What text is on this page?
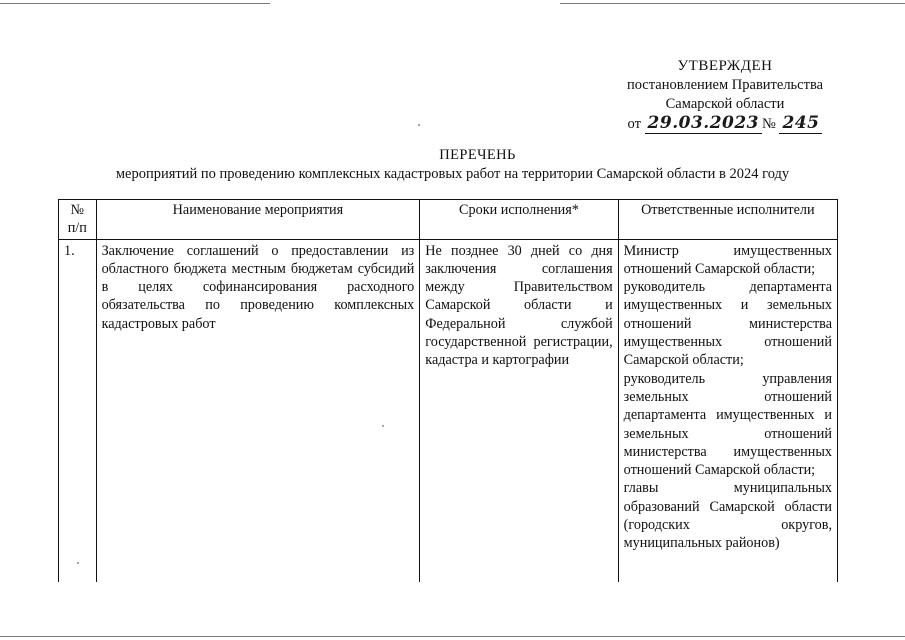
УТВЕРЖДЕН
постановлением Правительства
Самарской области
от 29.03.2023 № 245
ПЕРЕЧЕНЬ
мероприятий по проведению комплексных кадастровых работ на территории Самарской области в 2024 году
№ п/п	Наименование мероприятия	Сроки исполнения*	Ответственные исполнители
1.	Заключение соглашений о предоставлении из областного бюджета местным бюджетам субсидий в целях софинансирования расходного обязательства по проведению комплексных кадастровых работ	Не позднее 30 дней со дня заключения соглашения между Правительством Самарской области и Федеральной службой государственной регистрации, кадастра и картографии	Министр имущественных отношений Самарской области;
руководитель департамента имущественных и земельных отношений министерства имущественных отношений Самарской области;
руководитель управления земельных отношений департамента имущественных и земельных отношений министерства имущественных отношений Самарской области;
главы муниципальных образований Самарской области (городских округов, муниципальных районов)
